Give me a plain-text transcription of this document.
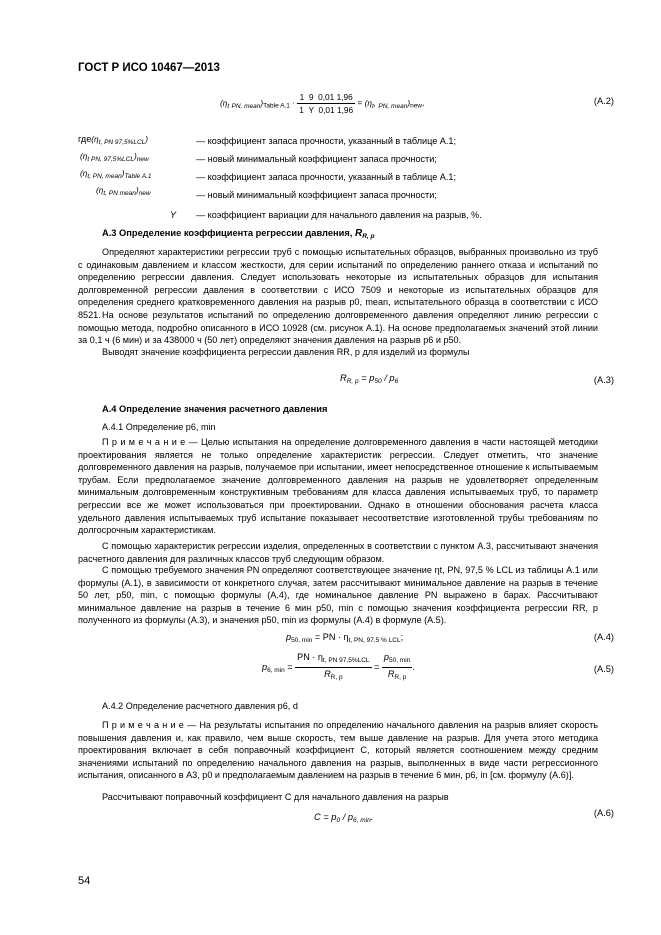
ГОСТ Р ИСО 10467—2013
($\eta_t$ $_{PN, mean})_{Table A.1} \cdot \frac{1 9 0,01 1,96}{1 Y 0,01 1,96} = (\eta_t$, $_{PN, mean})_{new}$,	(А.2)
$где(\eta_{t, PN 97,5\%LCL})$	— коэффициент запаса прочности, указанный в таблице А.1;
$(\eta_{t PN, 97,5\%LCL})_{new}$	— новый минимальный коэффициент запаса прочности;
$(\eta_{t, PN, mean})_{Table A.1}$	— коэффициент запаса прочности, указанный в таблице А.1;
$(\eta_{t, PN mean})_{new}$	— новый минимальный коэффициент запаса прочности;
Y — коэффициент вариации для начального давления на разрыв, %.
А.3 Определение коэффициента регрессии давления, $R_{R, p}$
Определяют характеристики регрессии труб с помощью испытательных образцов, выбранных произвольно из труб с одинаковым давлением и классом жесткости, для серии испытаний по определению раннего отказа и испытаний по определению регрессии давления. Следует использовать некоторые из испытательных образцов для испытания долговременной регрессии давления в соответствии с ИСО 7509 и некоторые из испытательных образцов для определения среднего кратковременного давления на разрыв p0, mean, испытательного образца в соответствии с ИСО 8521. На основе результатов испытаний по определению долговременного давления определяют линию регрессии с помощью метода, подробно описанного в ИСО 10928 (см. рисунок А.1). На основе предполагаемых значений этой линии за 0,1 ч (6 мин) и за 438000 ч (50 лет) определяют значения давления на разрыв p6 и p50.
Выводят значение коэффициента регрессии давления RR, p для изделий из формулы
$R_{R, p} = p_{50} / p_6$	(А.3)
А.4 Определение значения расчетного давления
А.4.1 Определение p6, min
П р и м е ч а н и е — Целью испытания на определение долговременного давления в части настоящей методики проектирования является не только определение характеристик регрессии. Следует отметить, что значение долговременного давления на разрыв, получаемое при испытании, имеет непосредственное отношение к испытываемым трубам. Если предполагаемое значение долговременного давления на разрыв не удовлетворяет определенным минимальным долговременным конструктивным требованиям для класса давления испытываемых труб, то параметр регрессии все же может использоваться при проектировании. Однако в отношении обоснования расчета класса удельного давления испытываемых труб испытание показывает несоответствие изготовленной трубы требованиям по долгосрочным характеристикам.
С помощью характеристик регрессии изделия, определенных в соответствии с пунктом А.3, рассчитывают значения расчетного давления для различных классов труб следующим образом.
С помощью требуемого значения PN определяют соответствующее значение ηt, PN, 97,5 % LCL из таблицы А.1 или формулы (А.1), в зависимости от конкретного случая, затем рассчитывают минимальное давление на разрыв в течение 50 лет, p50, min, с помощью формулы (А.4), где номинальное давление PN выражено в барах. Рассчитывают минимальное давление на разрыв в течение 6 мин p50, min с помощью значения коэффициента регрессии RR, p полученного из формулы (А.3), и значения p50, min из формулы (А.4) в формуле (А.5).
$p_{50, min}$ = PN · $\eta_{t, PN, 97,5 \% LCL}$;	(А.4)
$p_{6, min} = \frac{PN \cdot \eta_{t, PN 97,5\%LCL}}{R_{R, p}} = \frac{p_{50, min}}{R_{R, p}}$ .	(А.5)
А.4.2 Определение расчетного давления p6, d
П р и м е ч а н и е — На результаты испытания по определению начального давления на разрыв влияет скорость повышения давления и, как правило, чем выше скорость, тем выше давление на разрыв. Для учета этого методика проектирования включает в себя поправочный коэффициент С, который является соотношением между средним значениями испытаний по определению начального давления на разрыв, выполненных в виде части регрессионного испытания, описанного в А3, p0 и предполагаемым давлением на разрыв в течение 6 мин, p6, in [см. формулу (А.6)].
Рассчитывают поправочный коэффициент C для начального давления на разрыв
$C = p_0 / p_{6, min}$.	(А.6)
54
